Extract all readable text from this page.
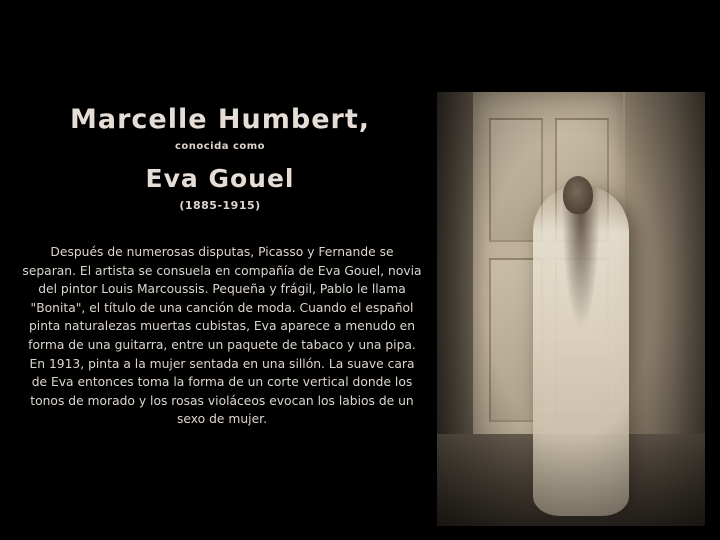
Marcelle Humbert,
conocida como
Eva Gouel
(1885-1915)
Después de numerosas disputas, Picasso y Fernande se separan. El artista se consuela en compañía de Eva Gouel, novia del pintor Louis Marcoussis. Pequeña y frágil, Pablo le llama "Bonita", el título de una canción de moda. Cuando el español pinta naturalezas muertas cubistas, Eva aparece a menudo en forma de una guitarra, entre un paquete de tabaco y una pipa. En 1913, pinta a la mujer sentada en una sillón. La suave cara de Eva entonces toma la forma de un corte vertical donde los tonos de morado y los rosas violáceos evocan los labios de un sexo de mujer.
